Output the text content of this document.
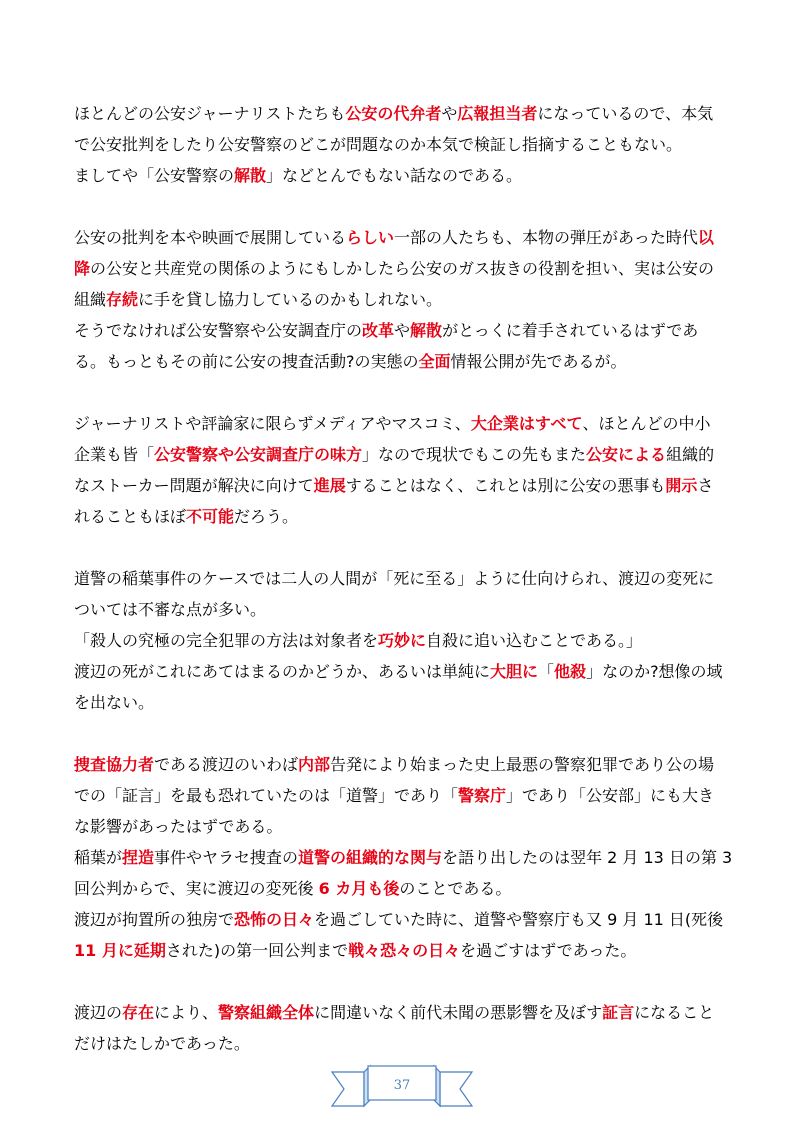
ほとんどの公安ジャーナリストたちも公安の代弁者や広報担当者になっているので、本気
で公安批判をしたり公安警察のどこが問題なのか本気で検証し指摘することもない。
ましてや「公安警察の解散」などとんでもない話なのである。
公安の批判を本や映画で展開しているらしい一部の人たちも、本物の弾圧があった時代以
降の公安と共産党の関係のようにもしかしたら公安のガス抜きの役割を担い、実は公安の
組織存続に手を貸し協力しているのかもしれない。
そうでなければ公安警察や公安調査庁の改革や解散がとっくに着手されているはずであ
る。もっともその前に公安の捜査活動?の実態の全面情報公開が先であるが。
ジャーナリストや評論家に限らずメディアやマスコミ、大企業はすべて、ほとんどの中小
企業も皆「公安警察や公安調査庁の味方」なので現状でもこの先もまた公安による組織的
なストーカー問題が解決に向けて進展することはなく、これとは別に公安の悪事も開示さ
れることもほぼ不可能だろう。
道警の稲葉事件のケースでは二人の人間が「死に至る」ように仕向けられ、渡辺の変死に
ついては不審な点が多い。
「殺人の究極の完全犯罪の方法は対象者を巧妙に自殺に追い込むことである。」
渡辺の死がこれにあてはまるのかどうか、あるいは単純に大胆に「他殺」なのか?想像の域
を出ない。
捜査協力者である渡辺のいわば内部告発により始まった史上最悪の警察犯罪であり公の場
での「証言」を最も恐れていたのは「道警」であり「警察庁」であり「公安部」にも大き
な影響があったはずである。
稲葉が捏造事件やヤラセ捜査の道警の組織的な関与を語り出したのは翌年 2 月 13 日の第 3
回公判からで、実に渡辺の変死後 6 カ月も後のことである。
渡辺が拘置所の独房で恐怖の日々を過ごしていた時に、道警や警察庁も又 9 月 11 日(死後
11 月に延期された)の第一回公判まで戦々恐々の日々を過ごすはずであった。
渡辺の存在により、警察組織全体に間違いなく前代未聞の悪影響を及ぼす証言になること
だけはたしかであった。
37
